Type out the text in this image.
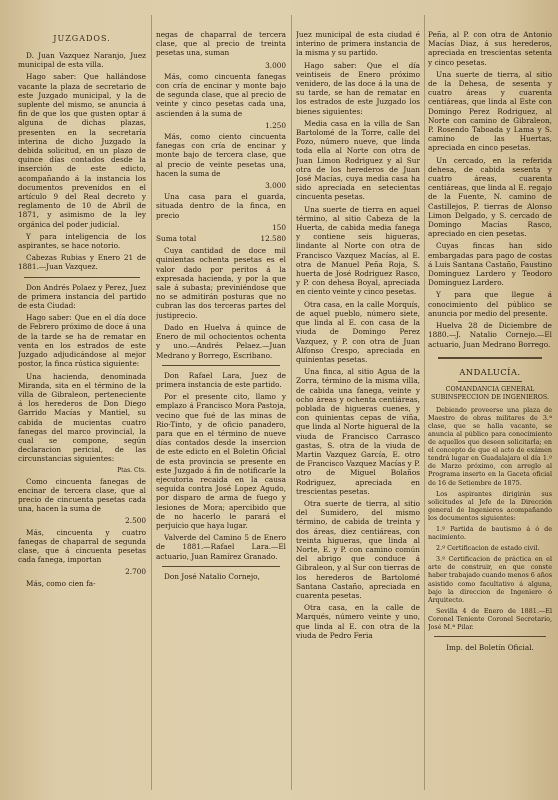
JUZGADOS.

D. Juan Vazquez Naranjo, Juez municipal de esta villa.

Hago saber: Que hallándose vacante la plaza de secretario de este Juzgado municipal, y la de suplente del mismo, se anuncia á fin de que los que gusten optar á alguna de dichas plazas, presenten en la secretaría interina de dicho Juzgado la debida solicitud, en un plazo de quince días contados desde la inserción de este edicto, acompañando á la instancia los documentos prevenidos en el artículo 9 del Real decreto y reglamento de 10 de Abril de 1871, y asimismo de la ley orgánica del poder judicial.

Y para inteligencia de los aspirantes, se hace notorio.

Cabezas Rubias y Enero 21 de 1881.—Juan Vazquez.

Don Andrés Polaez y Perez, Juez de primera instancia del partido de esta Ciudad:

Hago saber: Que en el día doce de Febrero próximo de doce á una de la tarde se ha de rematar en venta en los estrados de este Juzgado adjudicándose al mejor postor, la finca rústica siguiente:

Una hacienda, denominada Miranda, sita en el término de la villa de Gibraleon, perteneciente á los herederos de Don Diego Garrido Macías y Mantiel, su cabida de mucientas cuatro fanegas del marco provincial, la cual se compone, según declaracion pericial, de las circunstancias siguientes:

Ptas. Cts.

Como cincuenta fanegas de encinar de tercera clase, que al precio de cincuenta pesetas cada una, hacen la suma de

2.500

Más, cincuenta y cuatro fanegas de chaparral de segunda clase, que á cincuenta pesetas cada fanega, importan

2.700

Más, como cien fa-

negas de chaparral de tercera clase, que al precio de treinta pesetas una, suman

3.000

Más, como cincuenta fanegas con cría de encinar y monte bajo de segunda clase, que al precio de veinte y cinco pesetas cada una, ascienden á la suma de

1.250

Más, como ciento cincuenta fanegas con cría de encinar y monte bajo de tercera clase, que al precio de veinte pesetas una, hacen la suma de

3.000

Una casa para el guarda, situada dentro de la finca, en precio

150
Suma total	12.580

Cuya cantidad de doce mil quinientas ochenta pesetas es el valor dado por peritos á la expresada hacienda, y por la que sale á subasta; previniéndose que no se admitirán posturas que no cubran las dos terceras partes del justiprecio.

Dado en Huelva á quince de Enero de mil ochocientos ochenta y uno.—Andrés Pelaez.—Juan Medrano y Borrego, Escribano.

Don Rafael Lara, Juez de primera instancia de este partido.

Por el presente cito, llamo y emplazo á Francisco Mora Pastoja, vecino que fué de las minas de Rio-Tinto, y de oficio panadero, para que en el término de nueve días contados desde la insercion de este edicto en el Boletin Oficial de esta provincia se presente en este Juzgado á fin de notificarle la ejecutoria recaida en la causa seguida contra José Lopez Agudo, por disparo de arma de fuego y lesiones de Mora; apercibido que de no hacerlo le parará el perjuicio que haya lugar.

Valverde del Camino 5 de Enero de 1881.—Rafael Lara.—El actuario, Juan Ramírez Granado.

Don José Natalio Cornejo,

Juez municipal de esta ciudad é interino de primera instancia de la misma y su partido.

Hago saber: Que el día veintiseis de Enero próximo venidero, de las doce á la una de su tarde, se han de rematar en los estrados de este Juzgado los bienes siguientes:

Media casa en la villa de San Bartolomé de la Torre, calle del Pozo, número nueve, que linda toda ella al Norte con otra de Juan Limon Rodriguez y al Sur otra de los herederos de Juan José Macías, cuya media casa ha sido apreciada en setecientas cincuenta pesetas.

Una suerte de tierra en aquel término, al sitio Cabeza de la Huerta, de cabida media fanega y contiene seis higueras, lindante al Norte con otra de Francisco Vazquez Macías, al E. otra de Manuel Peña Roja, S. huerta de José Rodriguez Rasco, y P. con dehesa Boyal, apreciada en ciento veinte y cinco pesetas.

Otra casa, en la calle Morquís, de aquel pueblo, número siete, que linda al E. con casa de la viuda de Domingo Perez Vazquez, y P. con otra de Juan Alfonso Crespo, apreciada en quinientas pesetas.

Una finca, al sitio Agua de la Zorra, término de la misma villa, de cabida una fanega, veinte y ocho áreas y ochenta centiáreas, poblada de higueras cuenes, y con quinientas cepas de viña, que linda al Norte higueral de la viuda de Francisco Carrasco gastas, S. otra de la viuda de Martin Vazquez García, E. otro de Francisco Vazquez Macías y P. otro de Miguel Bolaños Rodriguez, apreciada en trescientas pesetas.

Otra suerte de tierra, al sitio del Sumidero, del mismo término, de cabida de treinta y dos áreas, diez centiáreas, con treinta higueras, que linda al Norte, E. y P. con camino común del abrigo que conduce á Gibraleon, y al Sur con tierras de los herederos de Bartolomé Santana Castaño, apreciada en cuarenta pesetas.

Otra casa, en la calle de Marqués, número veinte y uno, que linda al E. con otra de la viuda de Pedro Feria

Peña, al P. con otra de Antonio Macías Diaz, á sus herederos, apreciada en trescientas setenta y cinco pesetas.

Una suerte de tierra, al sitio de la Dehesa, de sesenta y cuatro áreas y cuarenta centiáreas, que linda al Este con Domingo Perez Rodriguez, al Norte con camino de Gibraleon, P. Rosendo Taboada y Lama y S. camino de las Huertas, apreciada en cinco pesetas.

Un cercado, en la referida dehesa, de cabida sesenta y cuatro áreas, cuarenta centiáreas, que linda al E. regajo de la Fuente, N. camino de Castillejos, P. tierras de Alonso Limon Delgado, y S. cercado de Domingo Macías Rasco, apreciado en cien pesetas.

Cuyas fincas han sido embargadas para pago de costas á Luis Santana Castaño, Faustino Dominguez Lardero y Teodoro Dominguez Lardero.

Y para que llegue á conocimiento del público se anuncia por medio del presente.

Huelva 28 de Diciembre de 1880.—J. Natalio Cornejo.—El actuario, Juan Medrano Borrego.

ANDALUCÍA.
COMANDANCIA GENERAL SUBINSPECCION DE INGENIEROS.

Debiendo proveerse una plaza de Maestro de obras militares de 3.ª clase, que se halla vacante, se anuncia al público para conocimiento de aquellos que deseen solicitarla; en el concepto de que el acto de exámen tendrá lugar en Guadalajara el día 1.º de Marzo próximo, con arreglo al Programa inserto en la Gaceta oficial de 16 de Setiembre de 1875.

Los aspirantes dirigirán sus solicitudes al Jefe de la Dirección general de Ingenieros acompañando los documentos siguientes:

1.º Partida de bautismo á ó de nacimiento.

2.º Certificacion de estado civil.

3.º Certificacion de práctica en el arte de construir, en que conste haber trabajado cuando menos 6 años asistido como facultativo á alguna, bajo la direccion de Ingeniero ó Arquitecto.

Sevilla 4 de Enero de 1881.—El Coronel Teniente Coronel Secretario, José M.ª Pilar.

Imp. del Boletín Oficial.
